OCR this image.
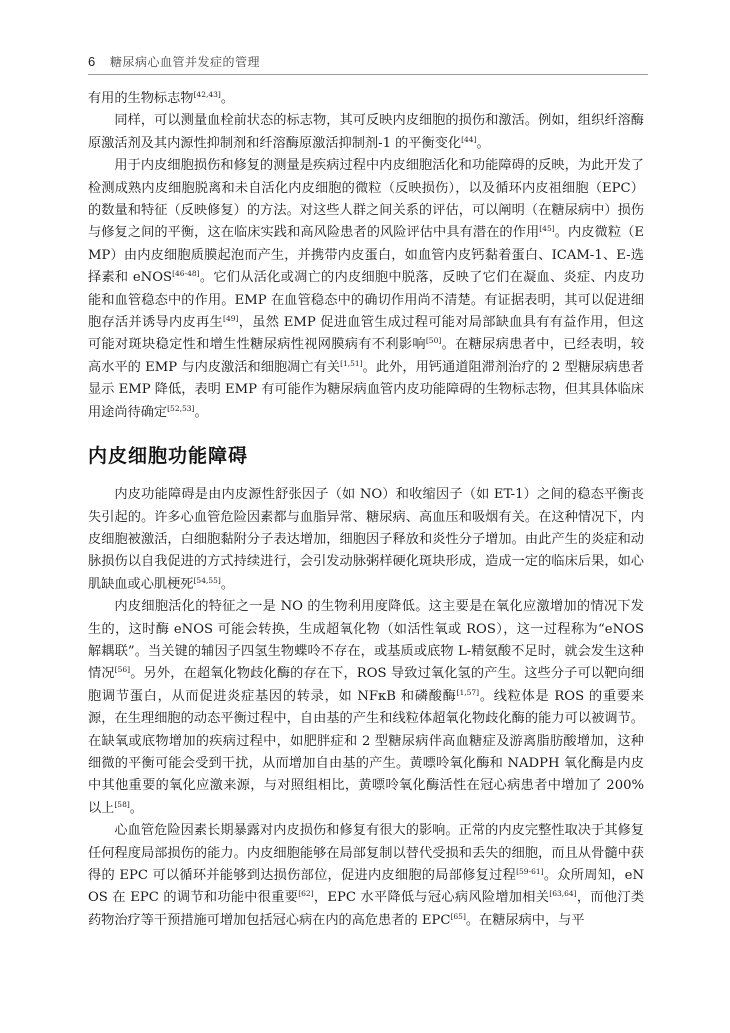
6	糖尿病心血管并发症的管理

有用的生物标志物[42,43]。

同样，可以测量血栓前状态的标志物，其可反映内皮细胞的损伤和激活。例如，组织纤溶酶原激活剂及其内源性抑制剂和纤溶酶原激活抑制剂-1 的平衡变化[44]。

用于内皮细胞损伤和修复的测量是疾病过程中内皮细胞活化和功能障碍的反映，为此开发了检测成熟内皮细胞脱离和未自活化内皮细胞的微粒（反映损伤），以及循环内皮祖细胞（EPC）的数量和特征（反映修复）的方法。对这些人群之间关系的评估，可以阐明（在糖尿病中）损伤与修复之间的平衡，这在临床实践和高风险患者的风险评估中具有潜在的作用[45]。内皮微粒（EMP）由内皮细胞质膜起泡而产生，并携带内皮蛋白，如血管内皮钙黏着蛋白、ICAM-1、E-选择素和 eNOS[46-48]。它们从活化或凋亡的内皮细胞中脱落，反映了它们在凝血、炎症、内皮功能和血管稳态中的作用。EMP 在血管稳态中的确切作用尚不清楚。有证据表明，其可以促进细胞存活并诱导内皮再生[49]，虽然 EMP 促进血管生成过程可能对局部缺血具有有益作用，但这可能对斑块稳定性和增生性糖尿病性视网膜病有不利影响[50]。在糖尿病患者中，已经表明，较高水平的 EMP 与内皮激活和细胞凋亡有关[1,51]。此外，用钙通道阻滞剂治疗的 2 型糖尿病患者显示 EMP 降低，表明 EMP 有可能作为糖尿病血管内皮功能障碍的生物标志物，但其具体临床用途尚待确定[52,53]。

内皮细胞功能障碍

内皮功能障碍是由内皮源性舒张因子（如 NO）和收缩因子（如 ET-1）之间的稳态平衡丧失引起的。许多心血管危险因素都与血脂异常、糖尿病、高血压和吸烟有关。在这种情况下，内皮细胞被激活，白细胞黏附分子表达增加，细胞因子释放和炎性分子增加。由此产生的炎症和动脉损伤以自我促进的方式持续进行，会引发动脉粥样硬化斑块形成，造成一定的临床后果，如心肌缺血或心肌梗死[54,55]。

内皮细胞活化的特征之一是 NO 的生物利用度降低。这主要是在氧化应激增加的情况下发生的，这时酶 eNOS 可能会转换，生成超氧化物（如活性氧或 ROS），这一过程称为“eNOS 解耦联”。当关键的辅因子四氢生物蝶呤不存在，或基质或底物 L-精氨酸不足时，就会发生这种情况[56]。另外，在超氧化物歧化酶的存在下，ROS 导致过氧化氢的产生。这些分子可以靶向细胞调节蛋白，从而促进炎症基因的转录，如 NFκB 和磷酸酶[1,57]。线粒体是 ROS 的重要来源，在生理细胞的动态平衡过程中，自由基的产生和线粒体超氧化物歧化酶的能力可以被调节。在缺氧或底物增加的疾病过程中，如肥胖症和 2 型糖尿病伴高血糖症及游离脂肪酸增加，这种细微的平衡可能会受到干扰，从而增加自由基的产生。黄嘌呤氧化酶和 NADPH 氧化酶是内皮中其他重要的氧化应激来源，与对照组相比，黄嘌呤氧化酶活性在冠心病患者中增加了 200%以上[58]。

心血管危险因素长期暴露对内皮损伤和修复有很大的影响。正常的内皮完整性取决于其修复任何程度局部损伤的能力。内皮细胞能够在局部复制以替代受损和丢失的细胞，而且从骨髓中获得的 EPC 可以循环并能够到达损伤部位，促进内皮细胞的局部修复过程[59-61]。众所周知，eNOS 在 EPC 的调节和功能中很重要[62]，EPC 水平降低与冠心病风险增加相关[63,64]，而他汀类药物治疗等干预措施可增加包括冠心病在内的高危患者的 EPC[65]。在糖尿病中，与平
